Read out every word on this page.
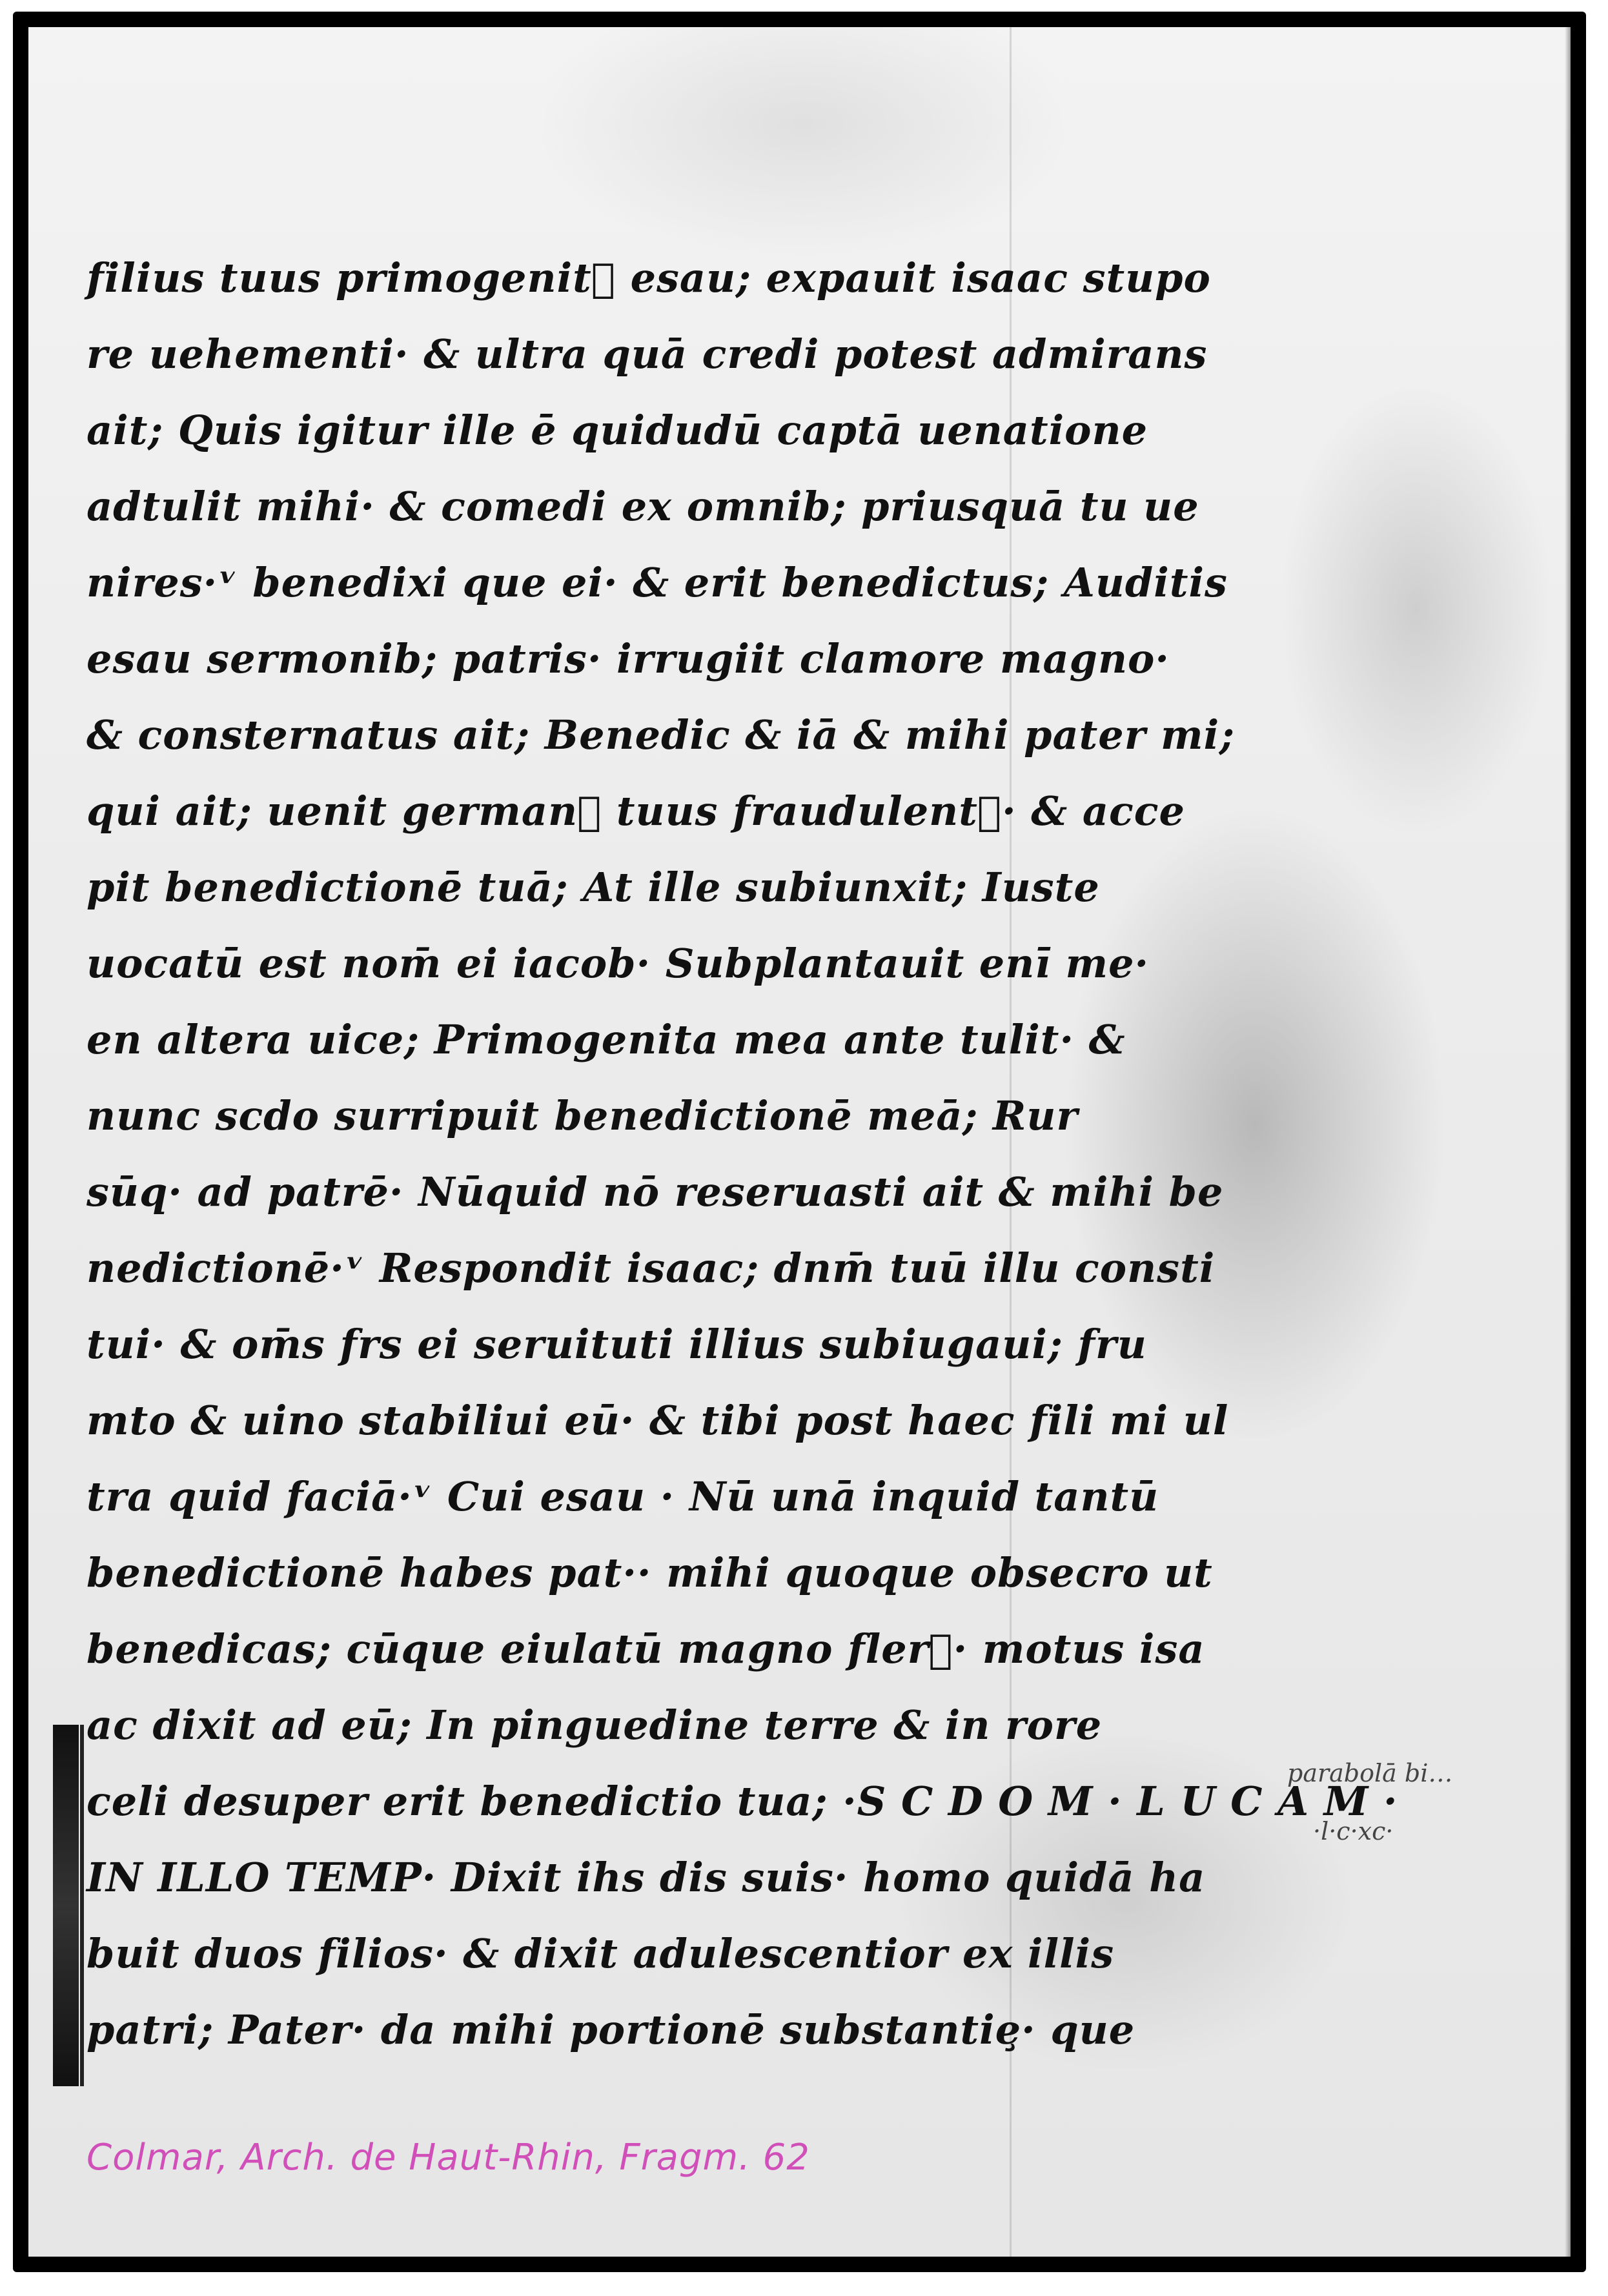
filius tuus primogenit᷑ esau; expauit isaac stupo
re uehementi· & ultra quā credi potest admirans
ait; Quis igitur ille ē quidudū captā uenatione
adtulit mihi· & comedi ex omnib; priusquā tu ue
nires·ᵛ benedixi que ei· & erit benedictus; Auditis
esau sermonib; patris· irrugiit clamore magno·
& consternatus ait; Benedic & iā & mihi pater mi;
qui ait; uenit germanᷣ tuus fraudulent᷑· & acce
pit benedictionē tuā; At ille subiunxit; Iuste
uocatū est nom̄ ei iacob· Subplantauit enī me·
en altera uice; Primogenita mea ante tulit· &
nunc scdo surripuit benedictionē meā; Rur
sūq· ad patrē· Nūquid nō reseruasti ait & mihi be
nedictionē·ᵛ Respondit isaac; dnm̄ tuū illu consti
tui· & om̄s frs ei seruituti illius subiugaui; fru
mto & uino stabiliui eū· & tibi post haec fili mi ul
tra quid faciā·ᵛ Cui esau · Nū unā inquid tantū
benedictionē habes pat·· mihi quoque obsecro ut
benedicas; cūque eiulatū magno flerᷣ· motus isa
ac dixit ad eū; In pinguedine terre & in rore
celi desuper erit benedictio tua; ·S C D O M · L U C A M ·
IN ILLO TEMP· Dixit ihs dis suis· homo quidā ha
buit duos filios· & dixit adulescentior ex illis
patri; Pater· da mihi portionē substantiȩ· que
parabolā bi…
·l·c·xc·
Colmar, Arch. de Haut-Rhin, Fragm. 62
